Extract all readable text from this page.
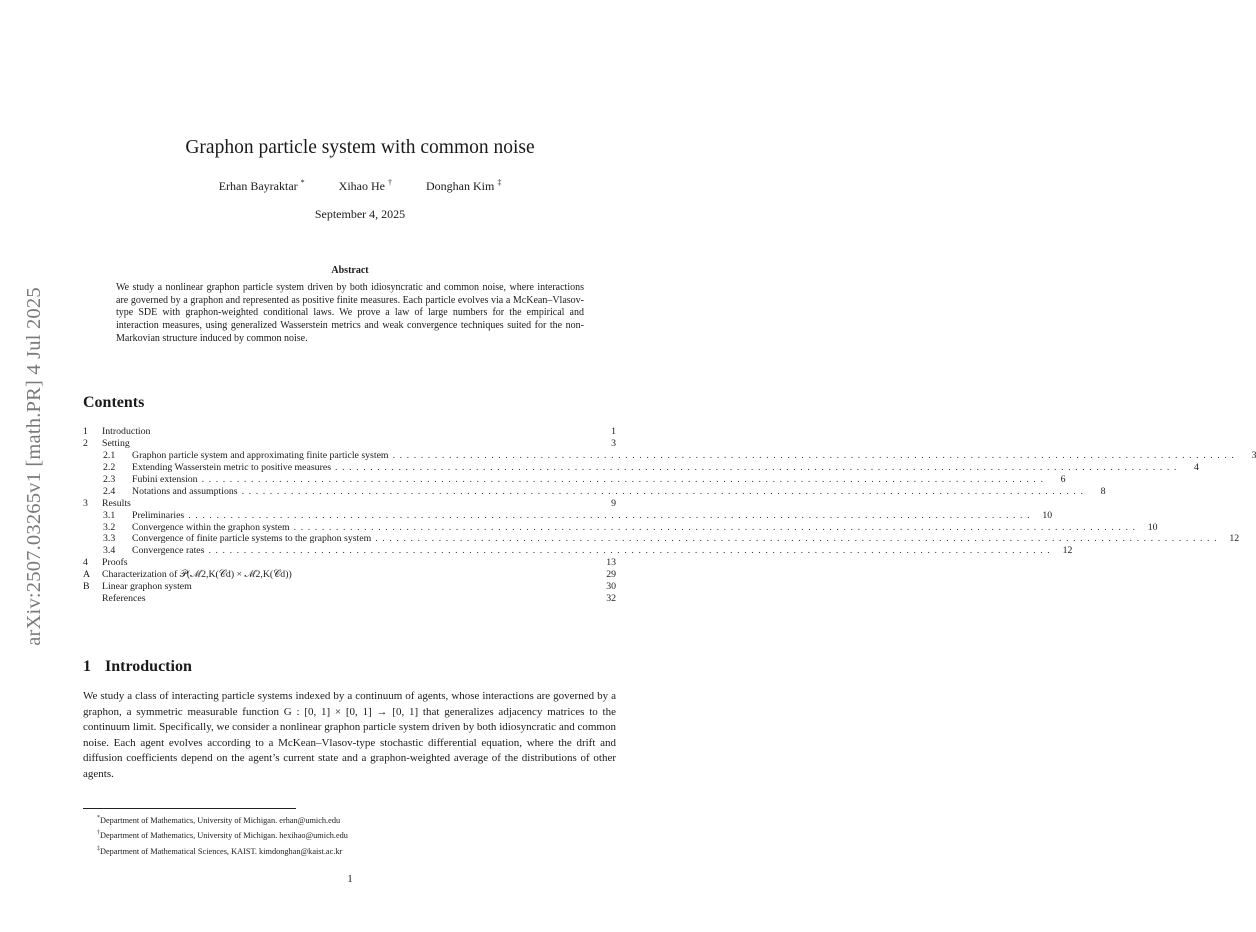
arXiv:2507.03265v1 [math.PR] 4 Jul 2025
Graphon particle system with common noise
Erhan Bayraktar *	Xihao He †	Donghan Kim ‡
September 4, 2025
Abstract
We study a nonlinear graphon particle system driven by both idiosyncratic and common noise, where interactions are governed by a graphon and represented as positive finite measures. Each particle evolves via a McKean–Vlasov-type SDE with graphon-weighted conditional laws. We prove a law of large numbers for the empirical and interaction measures, using generalized Wasserstein metrics and weak convergence techniques suited for the non-Markovian structure induced by common noise.
Contents
1	Introduction	1
2	Setting	3
2.1	Graphon particle system and approximating finite particle system ........................................................................................................................	3
2.2	Extending Wasserstein metric to positive measures ........................................................................................................................	4
2.3	Fubini extension ........................................................................................................................	6
2.4	Notations and assumptions ........................................................................................................................	8
3	Results	9
3.1	Preliminaries ........................................................................................................................ 10
3.2	Convergence within the graphon system ........................................................................................................................ 10
3.3	Convergence of finite particle systems to the graphon system ........................................................................................................................ 12
3.4	Convergence rates ........................................................................................................................ 12
4	Proofs	13
A	Characterization of 𝒫(ℳ2,K(𝒞d) × ℳ2,K(𝒞d))	29
B	Linear graphon system	30
References	32
1 Introduction
We study a class of interacting particle systems indexed by a continuum of agents, whose interactions are governed by a graphon, a symmetric measurable function G : [0, 1] × [0, 1] → [0, 1] that generalizes adjacency matrices to the continuum limit. Specifically, we consider a nonlinear graphon particle system driven by both idiosyncratic and common noise. Each agent evolves according to a McKean–Vlasov-type stochastic differential equation, where the drift and diffusion coefficients depend on the agent’s current state and a graphon-weighted average of the distributions of other agents.
*Department of Mathematics, University of Michigan. erhan@umich.edu
†Department of Mathematics, University of Michigan. hexihao@umich.edu
‡Department of Mathematical Sciences, KAIST. kimdonghan@kaist.ac.kr
1
